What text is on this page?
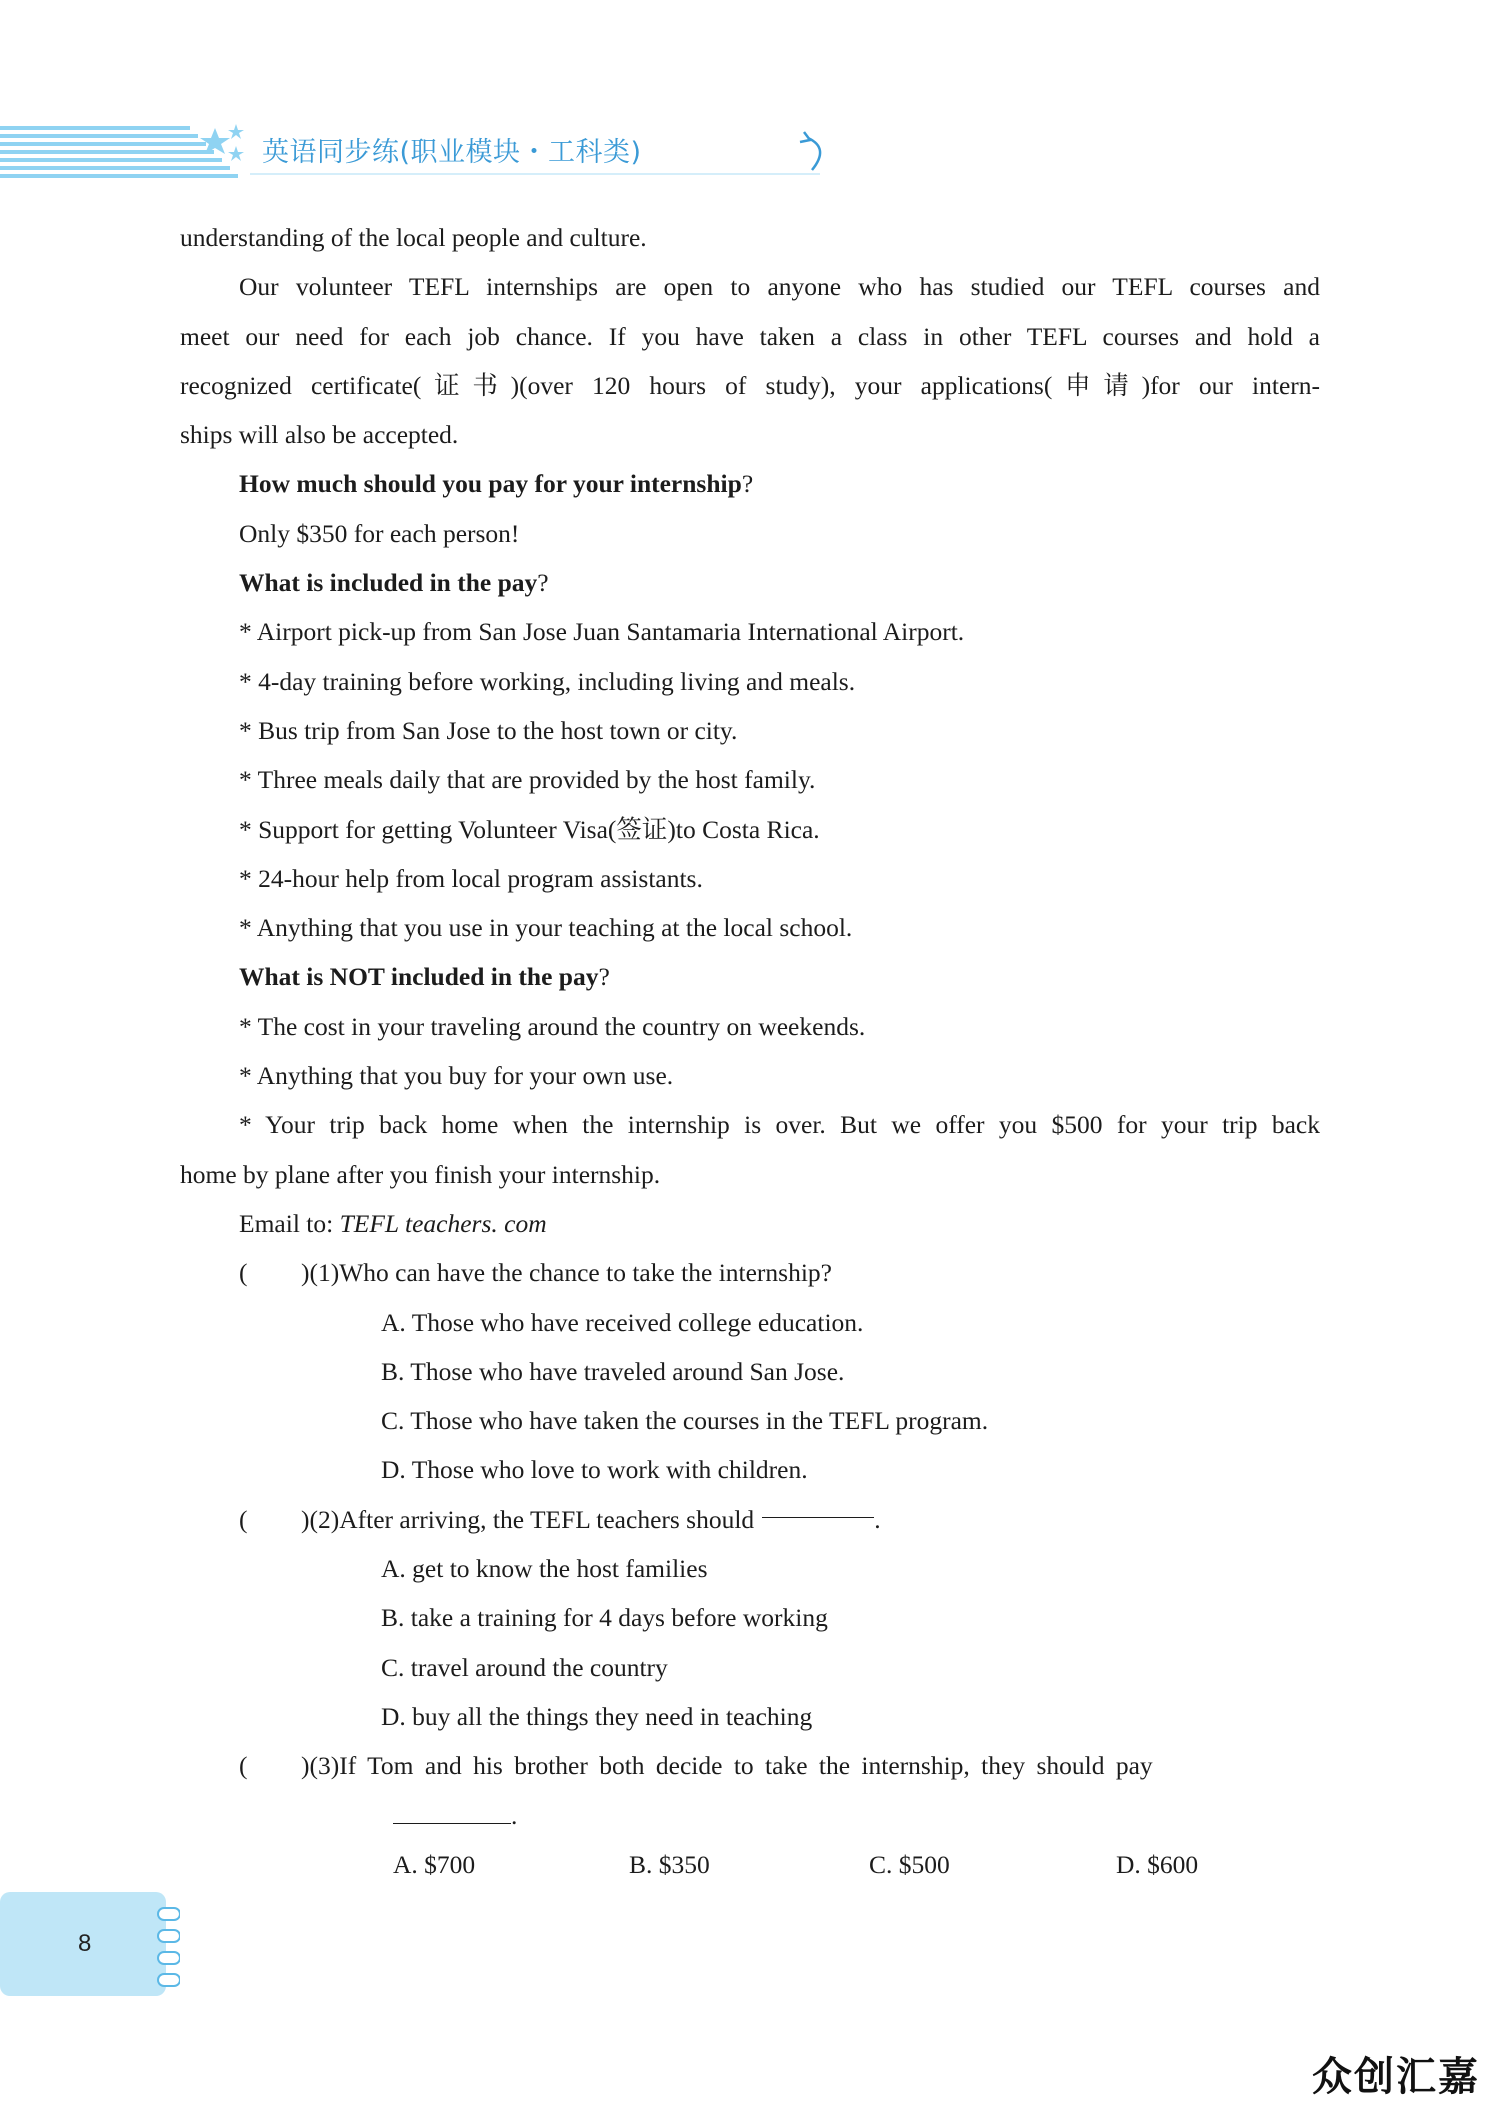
英语同步练(职业模块・工科类)

understanding of the local people and culture.

Our volunteer TEFL internships are open to anyone who has studied our TEFL courses and

meet our need for each job chance. If you have taken a class in other TEFL courses and hold a

recognized certificate(证书)(over 120 hours of study), your applications(申请)for our intern-

ships will also be accepted.

How much should you pay for your internship?

Only $350 for each person!

What is included in the pay?

* Airport pick-up from San Jose Juan Santamaria International Airport.

* 4-day training before working, including living and meals.

* Bus trip from San Jose to the host town or city.

* Three meals daily that are provided by the host family.

* Support for getting Volunteer Visa(签证)to Costa Rica.

* 24-hour help from local program assistants.

* Anything that you use in your teaching at the local school.

What is NOT included in the pay?

* The cost in your traveling around the country on weekends.

* Anything that you buy for your own use.

* Your trip back home when the internship is over. But we offer you $500 for your trip back

home by plane after you finish your internship.

Email to: TEFL teachers. com

(	)(1)Who can have the chance to take the internship?

A. Those who have received college education.

B. Those who have traveled around San Jose.

C. Those who have taken the courses in the TEFL program.

D. Those who love to work with children.

(	)(2)After arriving, the TEFL teachers should	.

A. get to know the host families

B. take a training for 4 days before working

C. travel around the country

D. buy all the things they need in teaching

(	)(3)If Tom and his brother both decide to take the internship, they should pay

.

A. $700	B. $350	C. $500	D. $600
8
众创汇嘉
